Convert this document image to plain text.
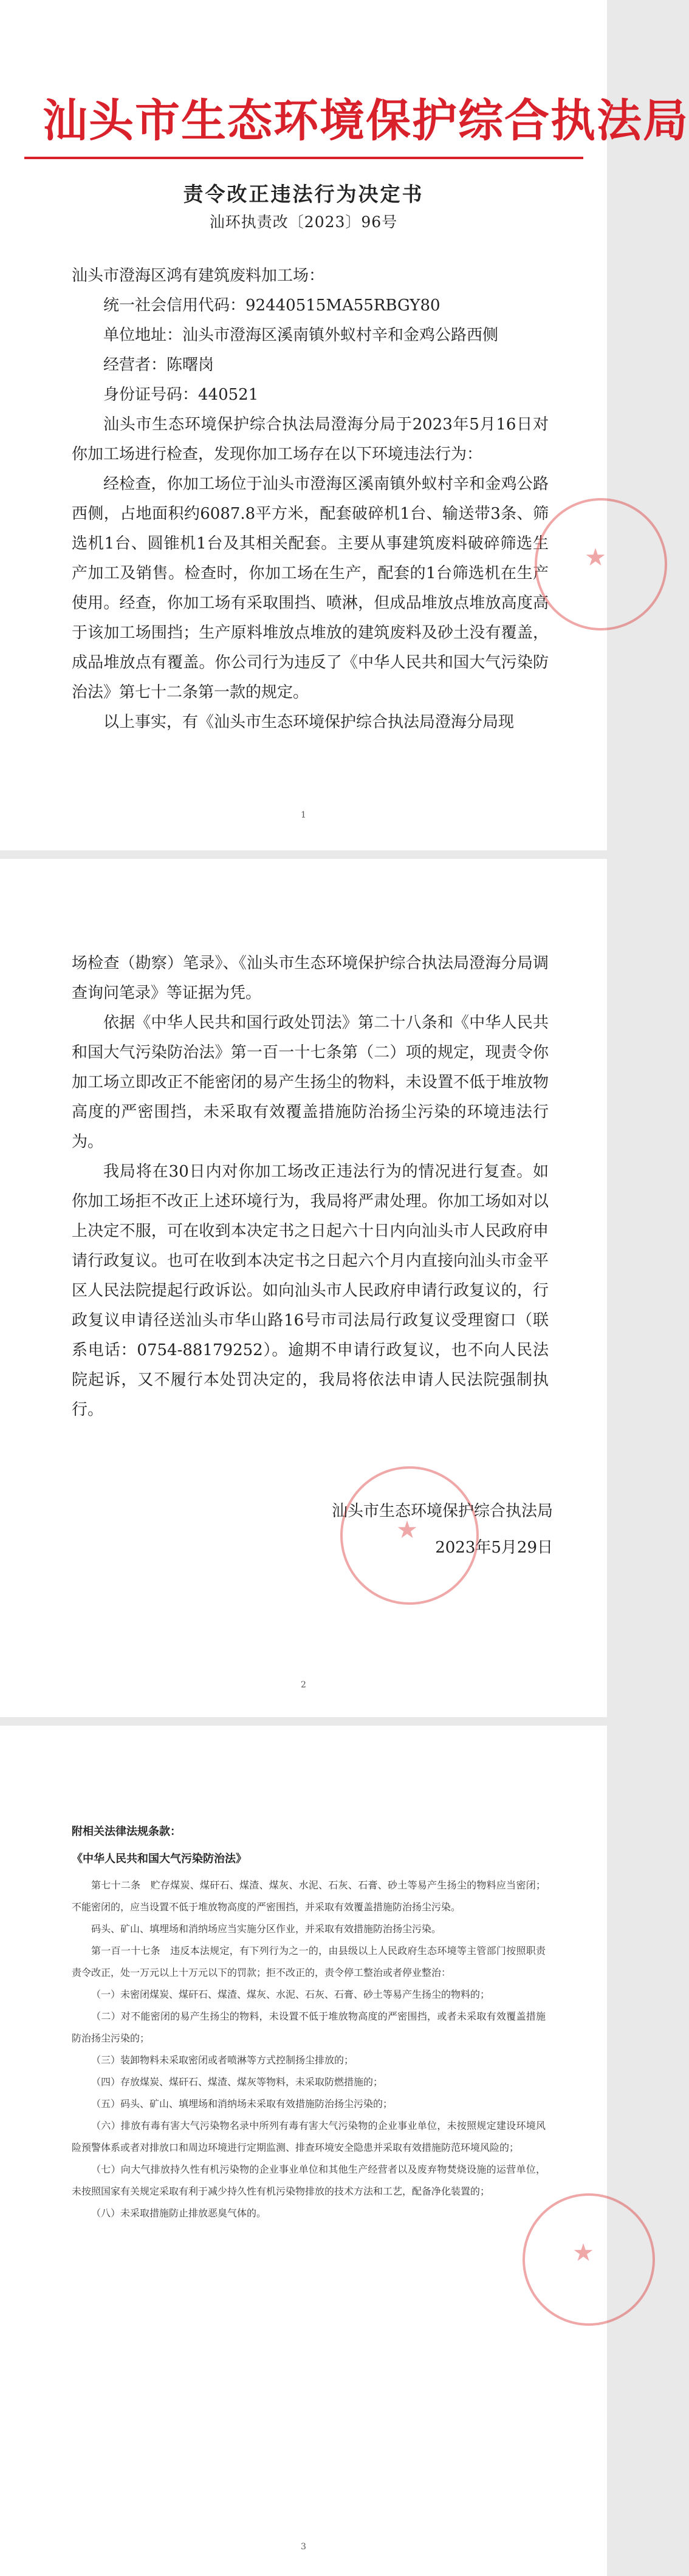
汕头市生态环境保护综合执法局
责令改正违法行为决定书
汕环执责改〔2023〕96号

汕头市澄海区鸿有建筑废料加工场：

统一社会信用代码：92440515MA55RBGY80

单位地址：汕头市澄海区溪南镇外蚁村辛和金鸡公路西侧

经营者：陈曙岗

身份证号码：440521

汕头市生态环境保护综合执法局澄海分局于2023年5月16日对你加工场进行检查，发现你加工场存在以下环境违法行为：

经检查，你加工场位于汕头市澄海区溪南镇外蚁村辛和金鸡公路西侧，占地面积约6087.8平方米，配套破碎机1台、输送带3条、筛选机1台、圆锥机1台及其相关配套。主要从事建筑废料破碎筛选生产加工及销售。检查时，你加工场在生产，配套的1台筛选机在生产使用。经查，你加工场有采取围挡、喷淋，但成品堆放点堆放高度高于该加工场围挡；生产原料堆放点堆放的建筑废料及砂土没有覆盖，成品堆放点有覆盖。你公司行为违反了《中华人民共和国大气污染防治法》第七十二条第一款的规定。

以上事实，有《汕头市生态环境保护综合执法局澄海分局现

★
1

场检查（勘察）笔录》、《汕头市生态环境保护综合执法局澄海分局调查询问笔录》等证据为凭。

依据《中华人民共和国行政处罚法》第二十八条和《中华人民共和国大气污染防治法》第一百一十七条第（二）项的规定，现责令你加工场立即改正不能密闭的易产生扬尘的物料，未设置不低于堆放物高度的严密围挡，未采取有效覆盖措施防治扬尘污染的环境违法行为。

我局将在30日内对你加工场改正违法行为的情况进行复查。如你加工场拒不改正上述环境行为，我局将严肃处理。你加工场如对以上决定不服，可在收到本决定书之日起六十日内向汕头市人民政府申请行政复议。也可在收到本决定书之日起六个月内直接向汕头市金平区人民法院提起行政诉讼。如向汕头市人民政府申请行政复议的，行政复议申请径送汕头市华山路16号市司法局行政复议受理窗口（联系电话：0754-88179252）。逾期不申请行政复议，也不向人民法院起诉，又不履行本处罚决定的，我局将依法申请人民法院强制执行。

★
汕头市生态环境保护综合执法局
2023年5月29日
2
附相关法律法规条款：
《中华人民共和国大气污染防治法》

第七十二条　贮存煤炭、煤矸石、煤渣、煤灰、水泥、石灰、石膏、砂土等易产生扬尘的物料应当密闭；不能密闭的，应当设置不低于堆放物高度的严密围挡，并采取有效覆盖措施防治扬尘污染。

码头、矿山、填埋场和消纳场应当实施分区作业，并采取有效措施防治扬尘污染。

第一百一十七条　违反本法规定，有下列行为之一的，由县级以上人民政府生态环境等主管部门按照职责责令改正，处一万元以上十万元以下的罚款；拒不改正的，责令停工整治或者停业整治：

（一）未密闭煤炭、煤矸石、煤渣、煤灰、水泥、石灰、石膏、砂土等易产生扬尘的物料的；

（二）对不能密闭的易产生扬尘的物料，未设置不低于堆放物高度的严密围挡，或者未采取有效覆盖措施防治扬尘污染的；

（三）装卸物料未采取密闭或者喷淋等方式控制扬尘排放的；

（四）存放煤炭、煤矸石、煤渣、煤灰等物料，未采取防燃措施的；

（五）码头、矿山、填埋场和消纳场未采取有效措施防治扬尘污染的；

（六）排放有毒有害大气污染物名录中所列有毒有害大气污染物的企业事业单位，未按照规定建设环境风险预警体系或者对排放口和周边环境进行定期监测、排查环境安全隐患并采取有效措施防范环境风险的；

（七）向大气排放持久性有机污染物的企业事业单位和其他生产经营者以及废弃物焚烧设施的运营单位，未按照国家有关规定采取有利于减少持久性有机污染物排放的技术方法和工艺，配备净化装置的；

（八）未采取措施防止排放恶臭气体的。

★
3
